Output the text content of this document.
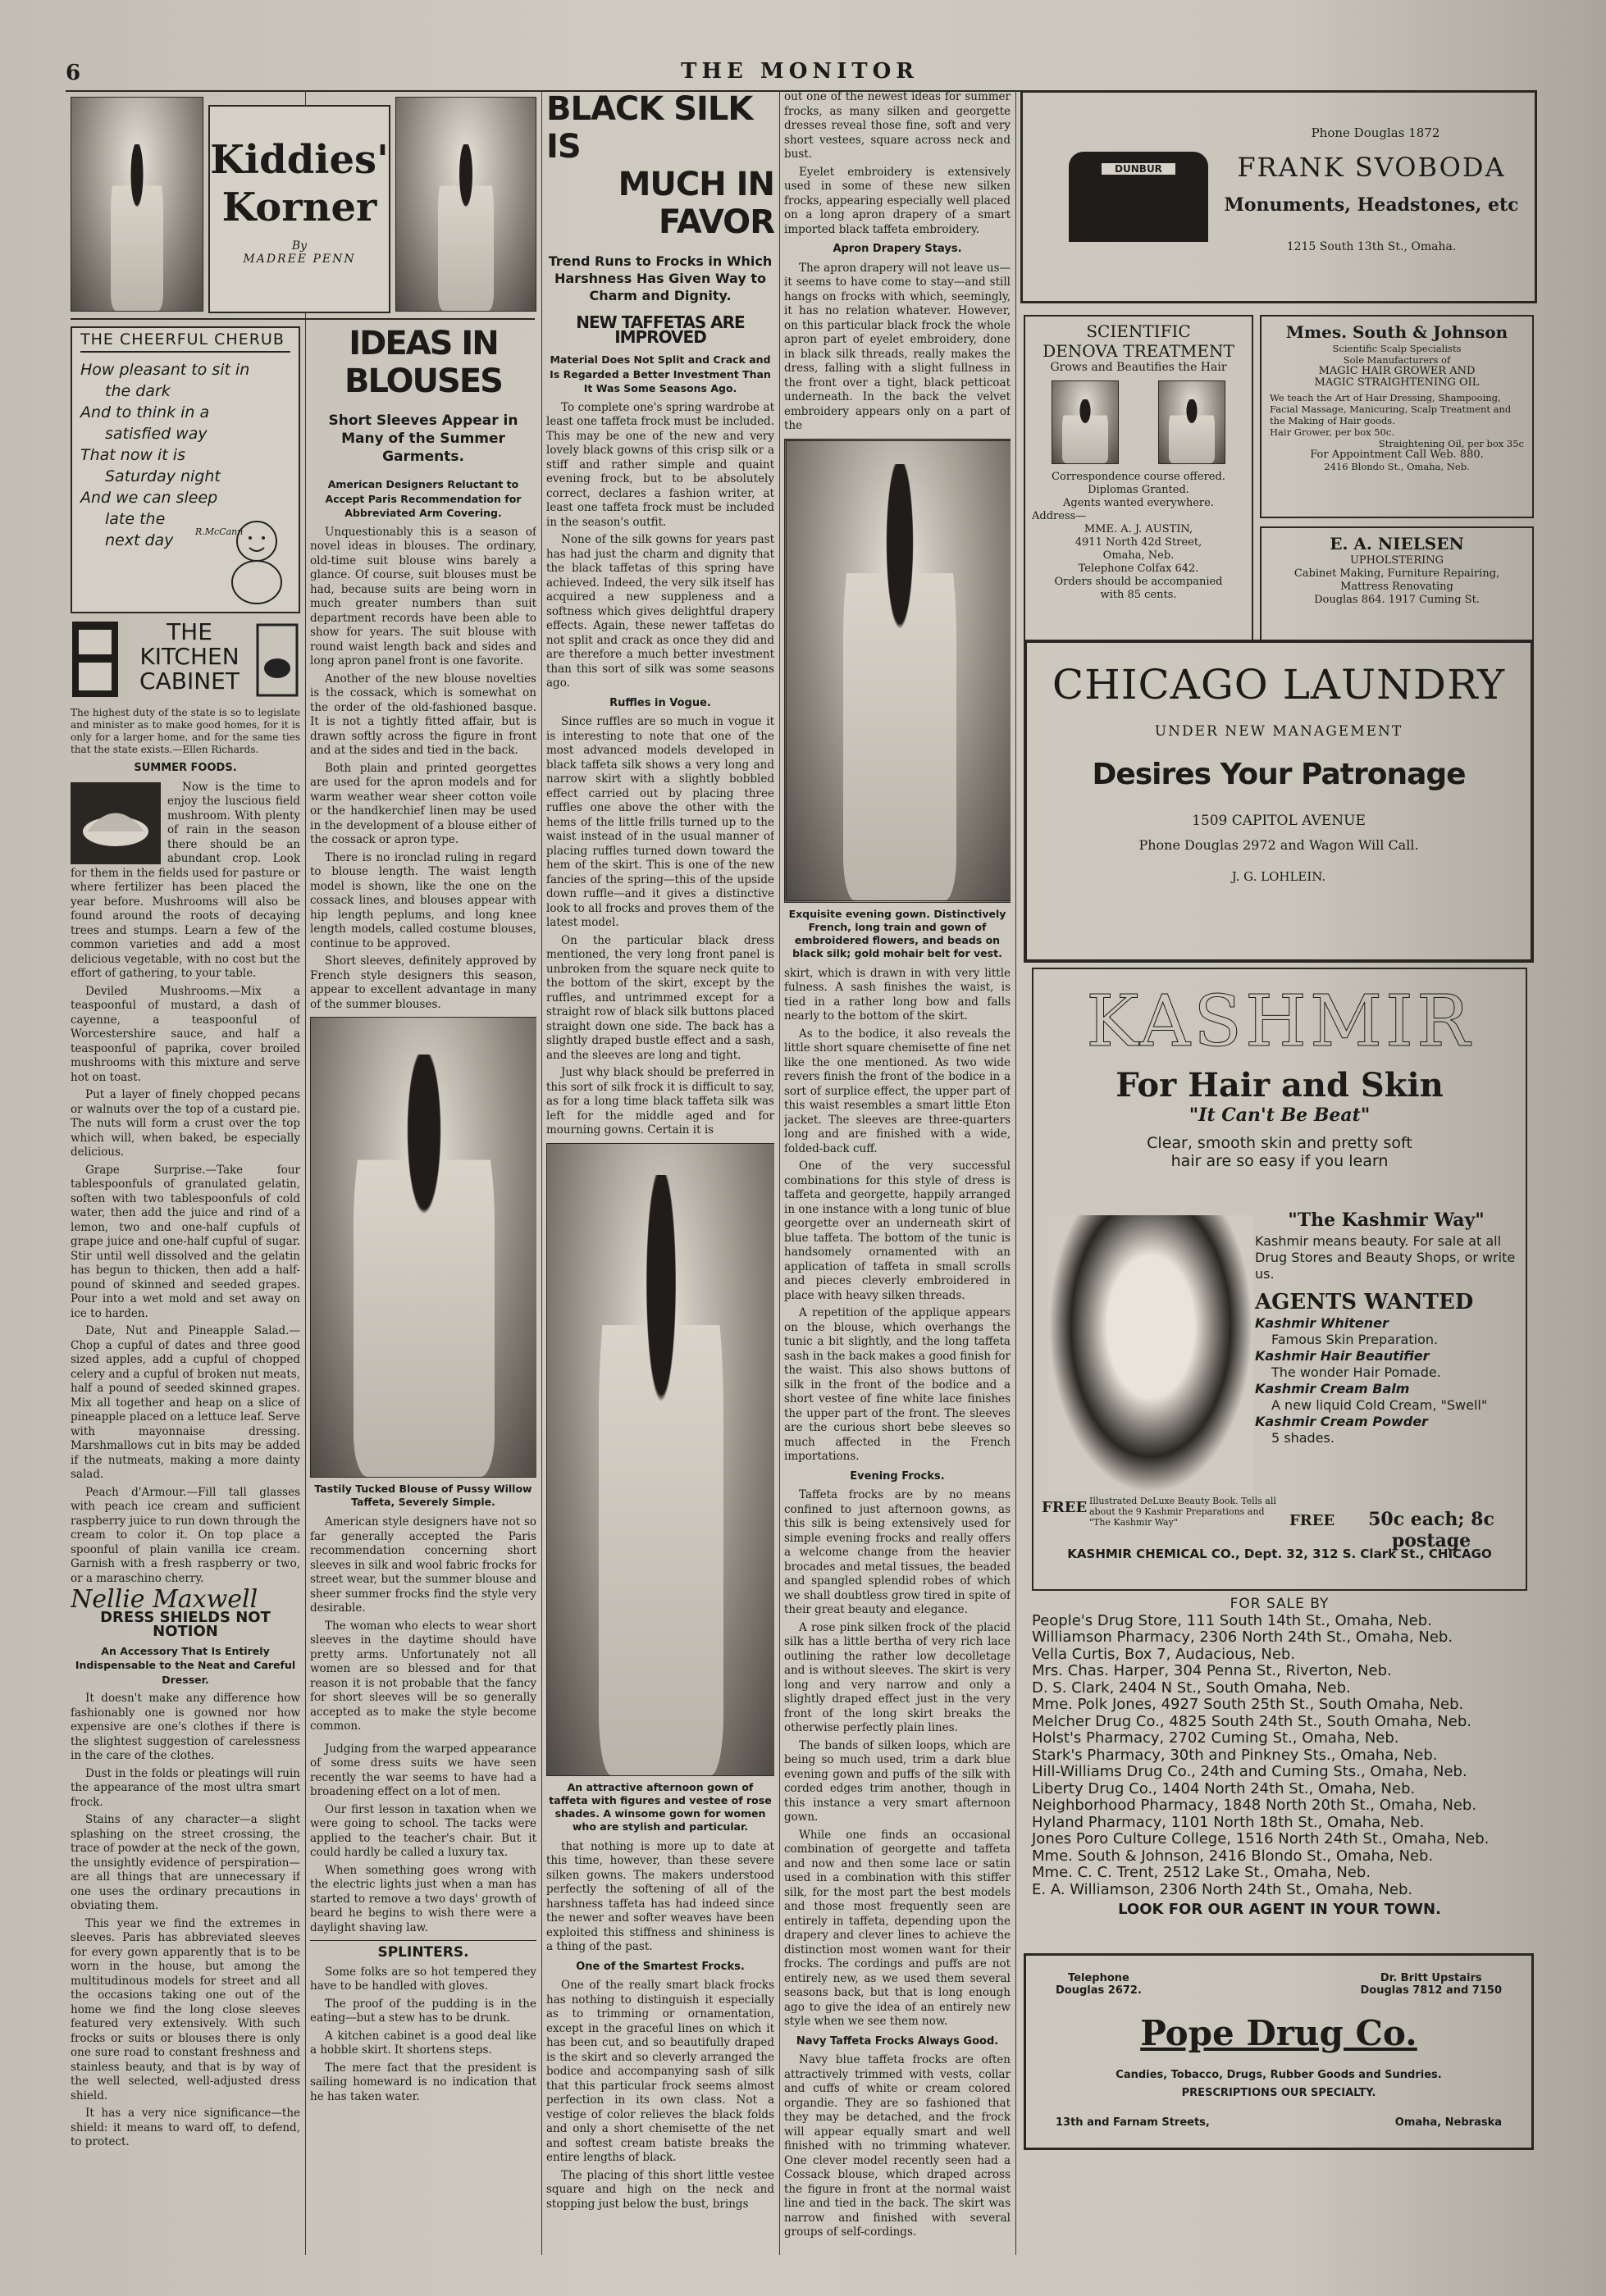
6	THE MONITOR
THE CHEERFUL CHERUB
How pleasant to sit in
the dark
And to think in a
satisfied way
That now it is
Saturday night
And we can sleep
late the
next day	R.McCann
THE
KITCHEN
CABINET
The highest duty of the state is so to legislate and minister as to make good homes, for it is only for a larger home, and for the same ties that the state exists.—Ellen Richards.
SUMMER FOODS.

Now is the time to enjoy the luscious field mushroom. With plenty of rain in the season there should be an abundant crop. Look for them in the fields used for pasture or where fertilizer has been placed the year before. Mushrooms will also be found around the roots of decaying trees and stumps. Learn a few of the common varieties and add a most delicious vegetable, with no cost but the effort of gathering, to your table.

Deviled Mushrooms.—Mix a teaspoonful of mustard, a dash of cayenne, a teaspoonful of Worcestershire sauce, and half a teaspoonful of paprika, cover broiled mushrooms with this mixture and serve hot on toast.

Put a layer of finely chopped pecans or walnuts over the top of a custard pie. The nuts will form a crust over the top which will, when baked, be especially delicious.

Grape Surprise.—Take four tablespoonfuls of granulated gelatin, soften with two tablespoonfuls of cold water, then add the juice and rind of a lemon, two and one-half cupfuls of grape juice and one-half cupful of sugar. Stir until well dissolved and the gelatin has begun to thicken, then add a half-pound of skinned and seeded grapes. Pour into a wet mold and set away on ice to harden.

Date, Nut and Pineapple Salad.—Chop a cupful of dates and three good sized apples, add a cupful of chopped celery and a cupful of broken nut meats, half a pound of seeded skinned grapes. Mix all together and heap on a slice of pineapple placed on a lettuce leaf. Serve with mayonnaise dressing. Marshmallows cut in bits may be added if the nutmeats, making a more dainty salad.

Peach d'Armour.—Fill tall glasses with peach ice cream and sufficient raspberry juice to run down through the cream to color it. On top place a spoonful of plain vanilla ice cream. Garnish with a fresh raspberry or two, or a maraschino cherry.

Nellie Maxwell
DRESS SHIELDS NOT NOTION
An Accessory That Is Entirely Indispensable to the Neat and Careful Dresser.

It doesn't make any difference how fashionably one is gowned nor how expensive are one's clothes if there is the slightest suggestion of carelessness in the care of the clothes.

Dust in the folds or pleatings will ruin the appearance of the most ultra smart frock.

Stains of any character—a slight splashing on the street crossing, the trace of powder at the neck of the gown, the unsightly evidence of perspiration—are all things that are unnecessary if one uses the ordinary precautions in obviating them.

This year we find the extremes in sleeves. Paris has abbreviated sleeves for every gown apparently that is to be worn in the house, but among the multitudinous models for street and all the occasions taking one out of the home we find the long close sleeves featured very extensively. With such frocks or suits or blouses there is only one sure road to constant freshness and stainless beauty, and that is by way of the well selected, well-adjusted dress shield.

It has a very nice significance—the shield: it means to ward off, to defend, to protect.

Kiddies'
Korner
By
MADREE PENN
IDEAS IN BLOUSES
Short Sleeves Appear in Many of the Summer Garments.
American Designers Reluctant to Accept Paris Recommendation for Abbreviated Arm Covering.

Unquestionably this is a season of novel ideas in blouses. The ordinary, old-time suit blouse wins barely a glance. Of course, suit blouses must be had, because suits are being worn in much greater numbers than suit department records have been able to show for years. The suit blouse with round waist length back and sides and long apron panel front is one favorite.

Another of the new blouse novelties is the cossack, which is somewhat on the order of the old-fashioned basque. It is not a tightly fitted affair, but is drawn softly across the figure in front and at the sides and tied in the back.

Both plain and printed georgettes are used for the apron models and for warm weather wear sheer cotton voile or the handkerchief linen may be used in the development of a blouse either of the cossack or apron type.

There is no ironclad ruling in regard to blouse length. The waist length model is shown, like the one on the cossack lines, and blouses appear with hip length peplums, and long knee length models, called costume blouses, continue to be approved.

Short sleeves, definitely approved by French style designers this season, appear to excellent advantage in many of the summer blouses.

Tastily Tucked Blouse of Pussy Willow Taffeta, Severely Simple.

American style designers have not so far generally accepted the Paris recommendation concerning short sleeves in silk and wool fabric frocks for street wear, but the summer blouse and sheer summer frocks find the style very desirable.

The woman who elects to wear short sleeves in the daytime should have pretty arms. Unfortunately not all women are so blessed and for that reason it is not probable that the fancy for short sleeves will be so generally accepted as to make the style become common.

Judging from the warped appearance of some dress suits we have seen recently the war seems to have had a broadening effect on a lot of men.

Our first lesson in taxation when we were going to school. The tacks were applied to the teacher's chair. But it could hardly be called a luxury tax.

When something goes wrong with the electric lights just when a man has started to remove a two days' growth of beard he begins to wish there were a daylight shaving law.

SPLINTERS.

Some folks are so hot tempered they have to be handled with gloves.

The proof of the pudding is in the eating—but a stew has to be drunk.

A kitchen cabinet is a good deal like a hobble skirt. It shortens steps.

The mere fact that the president is sailing homeward is no indication that he has taken water.

BLACK SILK IS
MUCH IN FAVOR
Trend Runs to Frocks in Which Harshness Has Given Way to Charm and Dignity.
NEW TAFFETAS ARE IMPROVED
Material Does Not Split and Crack and Is Regarded a Better Investment Than It Was Some Seasons Ago.

To complete one's spring wardrobe at least one taffeta frock must be included. This may be one of the new and very lovely black gowns of this crisp silk or a stiff and rather simple and quaint evening frock, but to be absolutely correct, declares a fashion writer, at least one taffeta frock must be included in the season's outfit.

None of the silk gowns for years past has had just the charm and dignity that the black taffetas of this spring have achieved. Indeed, the very silk itself has acquired a new suppleness and a softness which gives delightful drapery effects. Again, these newer taffetas do not split and crack as once they did and are therefore a much better investment than this sort of silk was some seasons ago.

Ruffles in Vogue.

Since ruffles are so much in vogue it is interesting to note that one of the most advanced models developed in black taffeta silk shows a very long and narrow skirt with a slightly bobbled effect carried out by placing three ruffles one above the other with the hems of the little frills turned up to the waist instead of in the usual manner of placing ruffles turned down toward the hem of the skirt. This is one of the new fancies of the spring—this of the upside down ruffle—and it gives a distinctive look to all frocks and proves them of the latest model.

On the particular black dress mentioned, the very long front panel is unbroken from the square neck quite to the bottom of the skirt, except by the ruffles, and untrimmed except for a straight row of black silk buttons placed straight down one side. The back has a slightly draped bustle effect and a sash, and the sleeves are long and tight.

Just why black should be preferred in this sort of silk frock it is difficult to say, as for a long time black taffeta silk was left for the middle aged and for mourning gowns. Certain it is

An attractive afternoon gown of taffeta with figures and vestee of rose shades. A winsome gown for women who are stylish and particular.

that nothing is more up to date at this time, however, than these severe silken gowns. The makers understood perfectly the softening of all of the harshness taffeta has had indeed since the newer and softer weaves have been exploited this stiffness and shininess is a thing of the past.

One of the Smartest Frocks.

One of the really smart black frocks has nothing to distinguish it especially as to trimming or ornamentation, except in the graceful lines on which it has been cut, and so beautifully draped is the skirt and so cleverly arranged the bodice and accompanying sash of silk that this particular frock seems almost perfection in its own class. Not a vestige of color relieves the black folds and only a short chemisette of the net and softest cream batiste breaks the entire lengths of black.

The placing of this short little vestee square and high on the neck and stopping just below the bust, brings

out one of the newest ideas for summer frocks, as many silken and georgette dresses reveal those fine, soft and very short vestees, square across neck and bust.

Eyelet embroidery is extensively used in some of these new silken frocks, appearing especially well placed on a long apron drapery of a smart imported black taffeta embroidery.

Apron Drapery Stays.

The apron drapery will not leave us—it seems to have come to stay—and still hangs on frocks with which, seemingly, it has no relation whatever. However, on this particular black frock the whole apron part of eyelet embroidery, done in black silk threads, really makes the dress, falling with a slight fullness in the front over a tight, black petticoat underneath. In the back the velvet embroidery appears only on a part of the

Exquisite evening gown. Distinctively French, long train and gown of embroidered flowers, and beads on black silk; gold mohair belt for vest.

skirt, which is drawn in with very little fulness. A sash finishes the waist, is tied in a rather long bow and falls nearly to the bottom of the skirt.

As to the bodice, it also reveals the little short square chemisette of fine net like the one mentioned. As two wide revers finish the front of the bodice in a sort of surplice effect, the upper part of this waist resembles a smart little Eton jacket. The sleeves are three-quarters long and are finished with a wide, folded-back cuff.

One of the very successful combinations for this style of dress is taffeta and georgette, happily arranged in one instance with a long tunic of blue georgette over an underneath skirt of blue taffeta. The bottom of the tunic is handsomely ornamented with an application of taffeta in small scrolls and pieces cleverly embroidered in place with heavy silken threads.

A repetition of the applique appears on the blouse, which overhangs the tunic a bit slightly, and the long taffeta sash in the back makes a good finish for the waist. This also shows buttons of silk in the front of the bodice and a short vestee of fine white lace finishes the upper part of the front. The sleeves are the curious short bebe sleeves so much affected in the French importations.

Evening Frocks.

Taffeta frocks are by no means confined to just afternoon gowns, as this silk is being extensively used for simple evening frocks and really offers a welcome change from the heavier brocades and metal tissues, the beaded and spangled splendid robes of which we shall doubtless grow tired in spite of their great beauty and elegance.

A rose pink silken frock of the placid silk has a little bertha of very rich lace outlining the rather low decolletage and is without sleeves. The skirt is very long and very narrow and only a slightly draped effect just in the very front of the long skirt breaks the otherwise perfectly plain lines.

The bands of silken loops, which are being so much used, trim a dark blue evening gown and puffs of the silk with corded edges trim another, though in this instance a very smart afternoon gown.

While one finds an occasional combination of georgette and taffeta and now and then some lace or satin used in a combination with this stiffer silk, for the most part the best models and those most frequently seen are entirely in taffeta, depending upon the drapery and clever lines to achieve the distinction most women want for their frocks. The cordings and puffs are not entirely new, as we used them several seasons back, but that is long enough ago to give the idea of an entirely new style when we see them now.

Navy Taffeta Frocks Always Good.

Navy blue taffeta frocks are often attractively trimmed with vests, collar and cuffs of white or cream colored organdie. They are so fashioned that they may be detached, and the frock will appear equally smart and well finished with no trimming whatever. One clever model recently seen had a Cossack blouse, which draped across the figure in front at the normal waist line and tied in the back. The skirt was narrow and finished with several groups of self-cordings.

Phone Douglas 1872
FRANK SVOBODA
Monuments, Headstones, etc
1215 South 13th St., Omaha.
DUNBUR
SCIENTIFIC
DENOVA TREATMENT
Grows and Beautifies the Hair
Correspondence course offered.
Diplomas Granted.
Agents wanted everywhere.
Address—
MME. A. J. AUSTIN,
4911 North 42d Street,
Omaha, Neb.
Telephone Colfax 642.
Orders should be accompanied
with 85 cents.
Mmes. South & Johnson
Scientific Scalp Specialists
Sole Manufacturers of
MAGIC HAIR GROWER AND
MAGIC STRAIGHTENING OIL
We teach the Art of Hair Dressing, Shampooing, Facial Massage, Manicuring, Scalp Treatment and the Making of Hair goods.
Hair Grower, per box 50c.
Straightening Oil, per box 35c
For Appointment Call Web. 880.
2416 Blondo St., Omaha, Neb.
E. A. NIELSEN
UPHOLSTERING
Cabinet Making, Furniture Repairing, Mattress Renovating
Douglas 864. 1917 Cuming St.
CHICAGO LAUNDRY
UNDER NEW MANAGEMENT
Desires Your Patronage
1509 CAPITOL AVENUE
Phone Douglas 2972 and Wagon Will Call.
J. G. LOHLEIN.
KASHMIR
For Hair and Skin
"It Can't Be Beat"
Clear, smooth skin and pretty soft
hair are so easy if you learn
"The Kashmir Way"
Kashmir means beauty. For sale at all Drug Stores and Beauty Shops, or write us.
AGENTS WANTED
Kashmir Whitener
Famous Skin Preparation.
Kashmir Hair Beautifier
The wonder Hair Pomade.
Kashmir Cream Balm
A new liquid Cold Cream, "Swell"
Kashmir Cream Powder
5 shades.
FREE Illustrated DeLuxe Beauty Book. Tells all about the 9 Kashmir Preparations and "The Kashmir Way"	FREE	50c each; 8c postage
KASHMIR CHEMICAL CO., Dept. 32, 312 S. Clark St., CHICAGO
FOR SALE BY
People's Drug Store, 111 South 14th St., Omaha, Neb.
Williamson Pharmacy, 2306 North 24th St., Omaha, Neb.
Vella Curtis, Box 7, Audacious, Neb.
Mrs. Chas. Harper, 304 Penna St., Riverton, Neb.
D. S. Clark, 2404 N St., South Omaha, Neb.
Mme. Polk Jones, 4927 South 25th St., South Omaha, Neb.
Melcher Drug Co., 4825 South 24th St., South Omaha, Neb.
Holst's Pharmacy, 2702 Cuming St., Omaha, Neb.
Stark's Pharmacy, 30th and Pinkney Sts., Omaha, Neb.
Hill-Williams Drug Co., 24th and Cuming Sts., Omaha, Neb.
Liberty Drug Co., 1404 North 24th St., Omaha, Neb.
Neighborhood Pharmacy, 1848 North 20th St., Omaha, Neb.
Hyland Pharmacy, 1101 North 18th St., Omaha, Neb.
Jones Poro Culture College, 1516 North 24th St., Omaha, Neb.
Mme. South & Johnson, 2416 Blondo St., Omaha, Neb.
Mme. C. C. Trent, 2512 Lake St., Omaha, Neb.
E. A. Williamson, 2306 North 24th St., Omaha, Neb.
LOOK FOR OUR AGENT IN YOUR TOWN.
Telephone
Douglas 2672.
Dr. Britt Upstairs
Douglas 7812 and 7150
Pope Drug Co.
Candies, Tobacco, Drugs, Rubber Goods and Sundries.
PRESCRIPTIONS OUR SPECIALTY.
13th and Farnam Streets,	Omaha, Nebraska
